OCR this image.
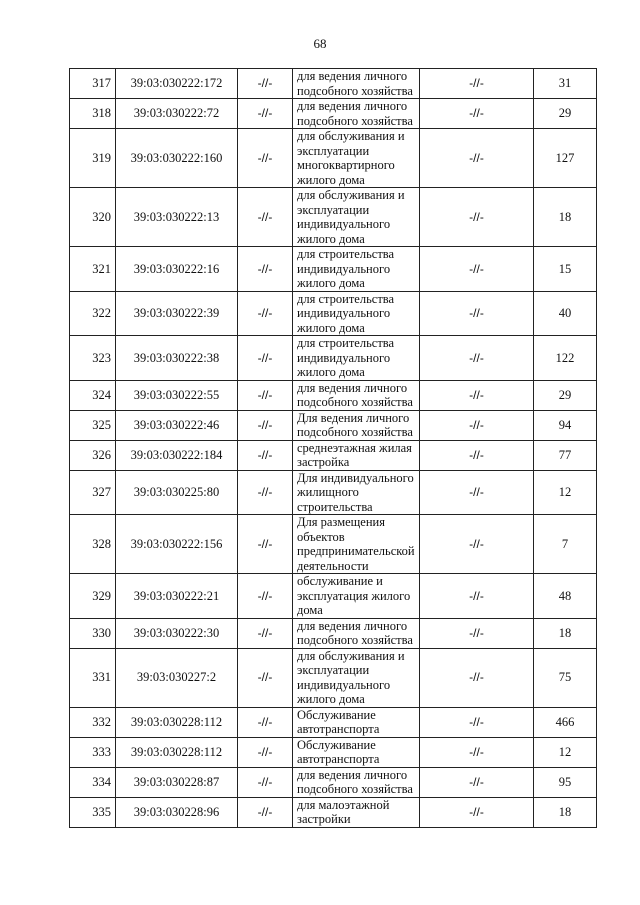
68
317	39:03:030222:172	-//-	для ведения личного
подсобного хозяйства	-//-	31
318	39:03:030222:72	-//-	для ведения личного
подсобного хозяйства	-//-	29
319	39:03:030222:160	-//-	для обслуживания и
эксплуатации
многоквартирного
жилого дома	-//-	127
320	39:03:030222:13	-//-	для обслуживания и
эксплуатации
индивидуального
жилого дома	-//-	18
321	39:03:030222:16	-//-	для строительства
индивидуального
жилого дома	-//-	15
322	39:03:030222:39	-//-	для строительства
индивидуального
жилого дома	-//-	40
323	39:03:030222:38	-//-	для строительства
индивидуального
жилого дома	-//-	122
324	39:03:030222:55	-//-	для ведения личного
подсобного хозяйства	-//-	29
325	39:03:030222:46	-//-	Для ведения личного
подсобного хозяйства	-//-	94
326	39:03:030222:184	-//-	среднеэтажная жилая
застройка	-//-	77
327	39:03:030225:80	-//-	Для индивидуального
жилищного
строительства	-//-	12
328	39:03:030222:156	-//-	Для размещения
объектов
предпринимательской
деятельности	-//-	7
329	39:03:030222:21	-//-	обслуживание и
эксплуатация жилого
дома	-//-	48
330	39:03:030222:30	-//-	для ведения личного
подсобного хозяйства	-//-	18
331	39:03:030227:2	-//-	для обслуживания и
эксплуатации
индивидуального
жилого дома	-//-	75
332	39:03:030228:112	-//-	Обслуживание
автотранспорта	-//-	466
333	39:03:030228:112	-//-	Обслуживание
автотранспорта	-//-	12
334	39:03:030228:87	-//-	для ведения личного
подсобного хозяйства	-//-	95
335	39:03:030228:96	-//-	для малоэтажной
застройки	-//-	18
